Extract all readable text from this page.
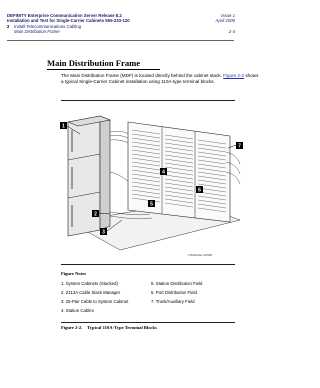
DEFINITY Enterprise Communication Server Release 8.2
Installation and Test for Single-Carrier Cabinets 555-233-120
Issue 1
April 2000
2 Install Telecommunications Cabling
Main Distribution Frame	2-4
Main Distribution Frame
The Main Distribution Frame (MDF) is located directly behind the cabinet stack. Figure 2-2 shows a typical Single-Carrier Cabinet installation using 110A-type terminal blocks.
1
2
3
4
5
6
7
0760WSLEL 042998
Figure Notes
1. System Cabinets (Stacked)
2. Z113A Cable Slack Manager
3. 25-Pair Cable to System Cabinet
4. Station Cables
5. Station Distribution Field
6. Port Distribution Field
7. Trunk/Auxiliary Field
Figure 2-2. Typical 110A-Type Terminal Blocks
